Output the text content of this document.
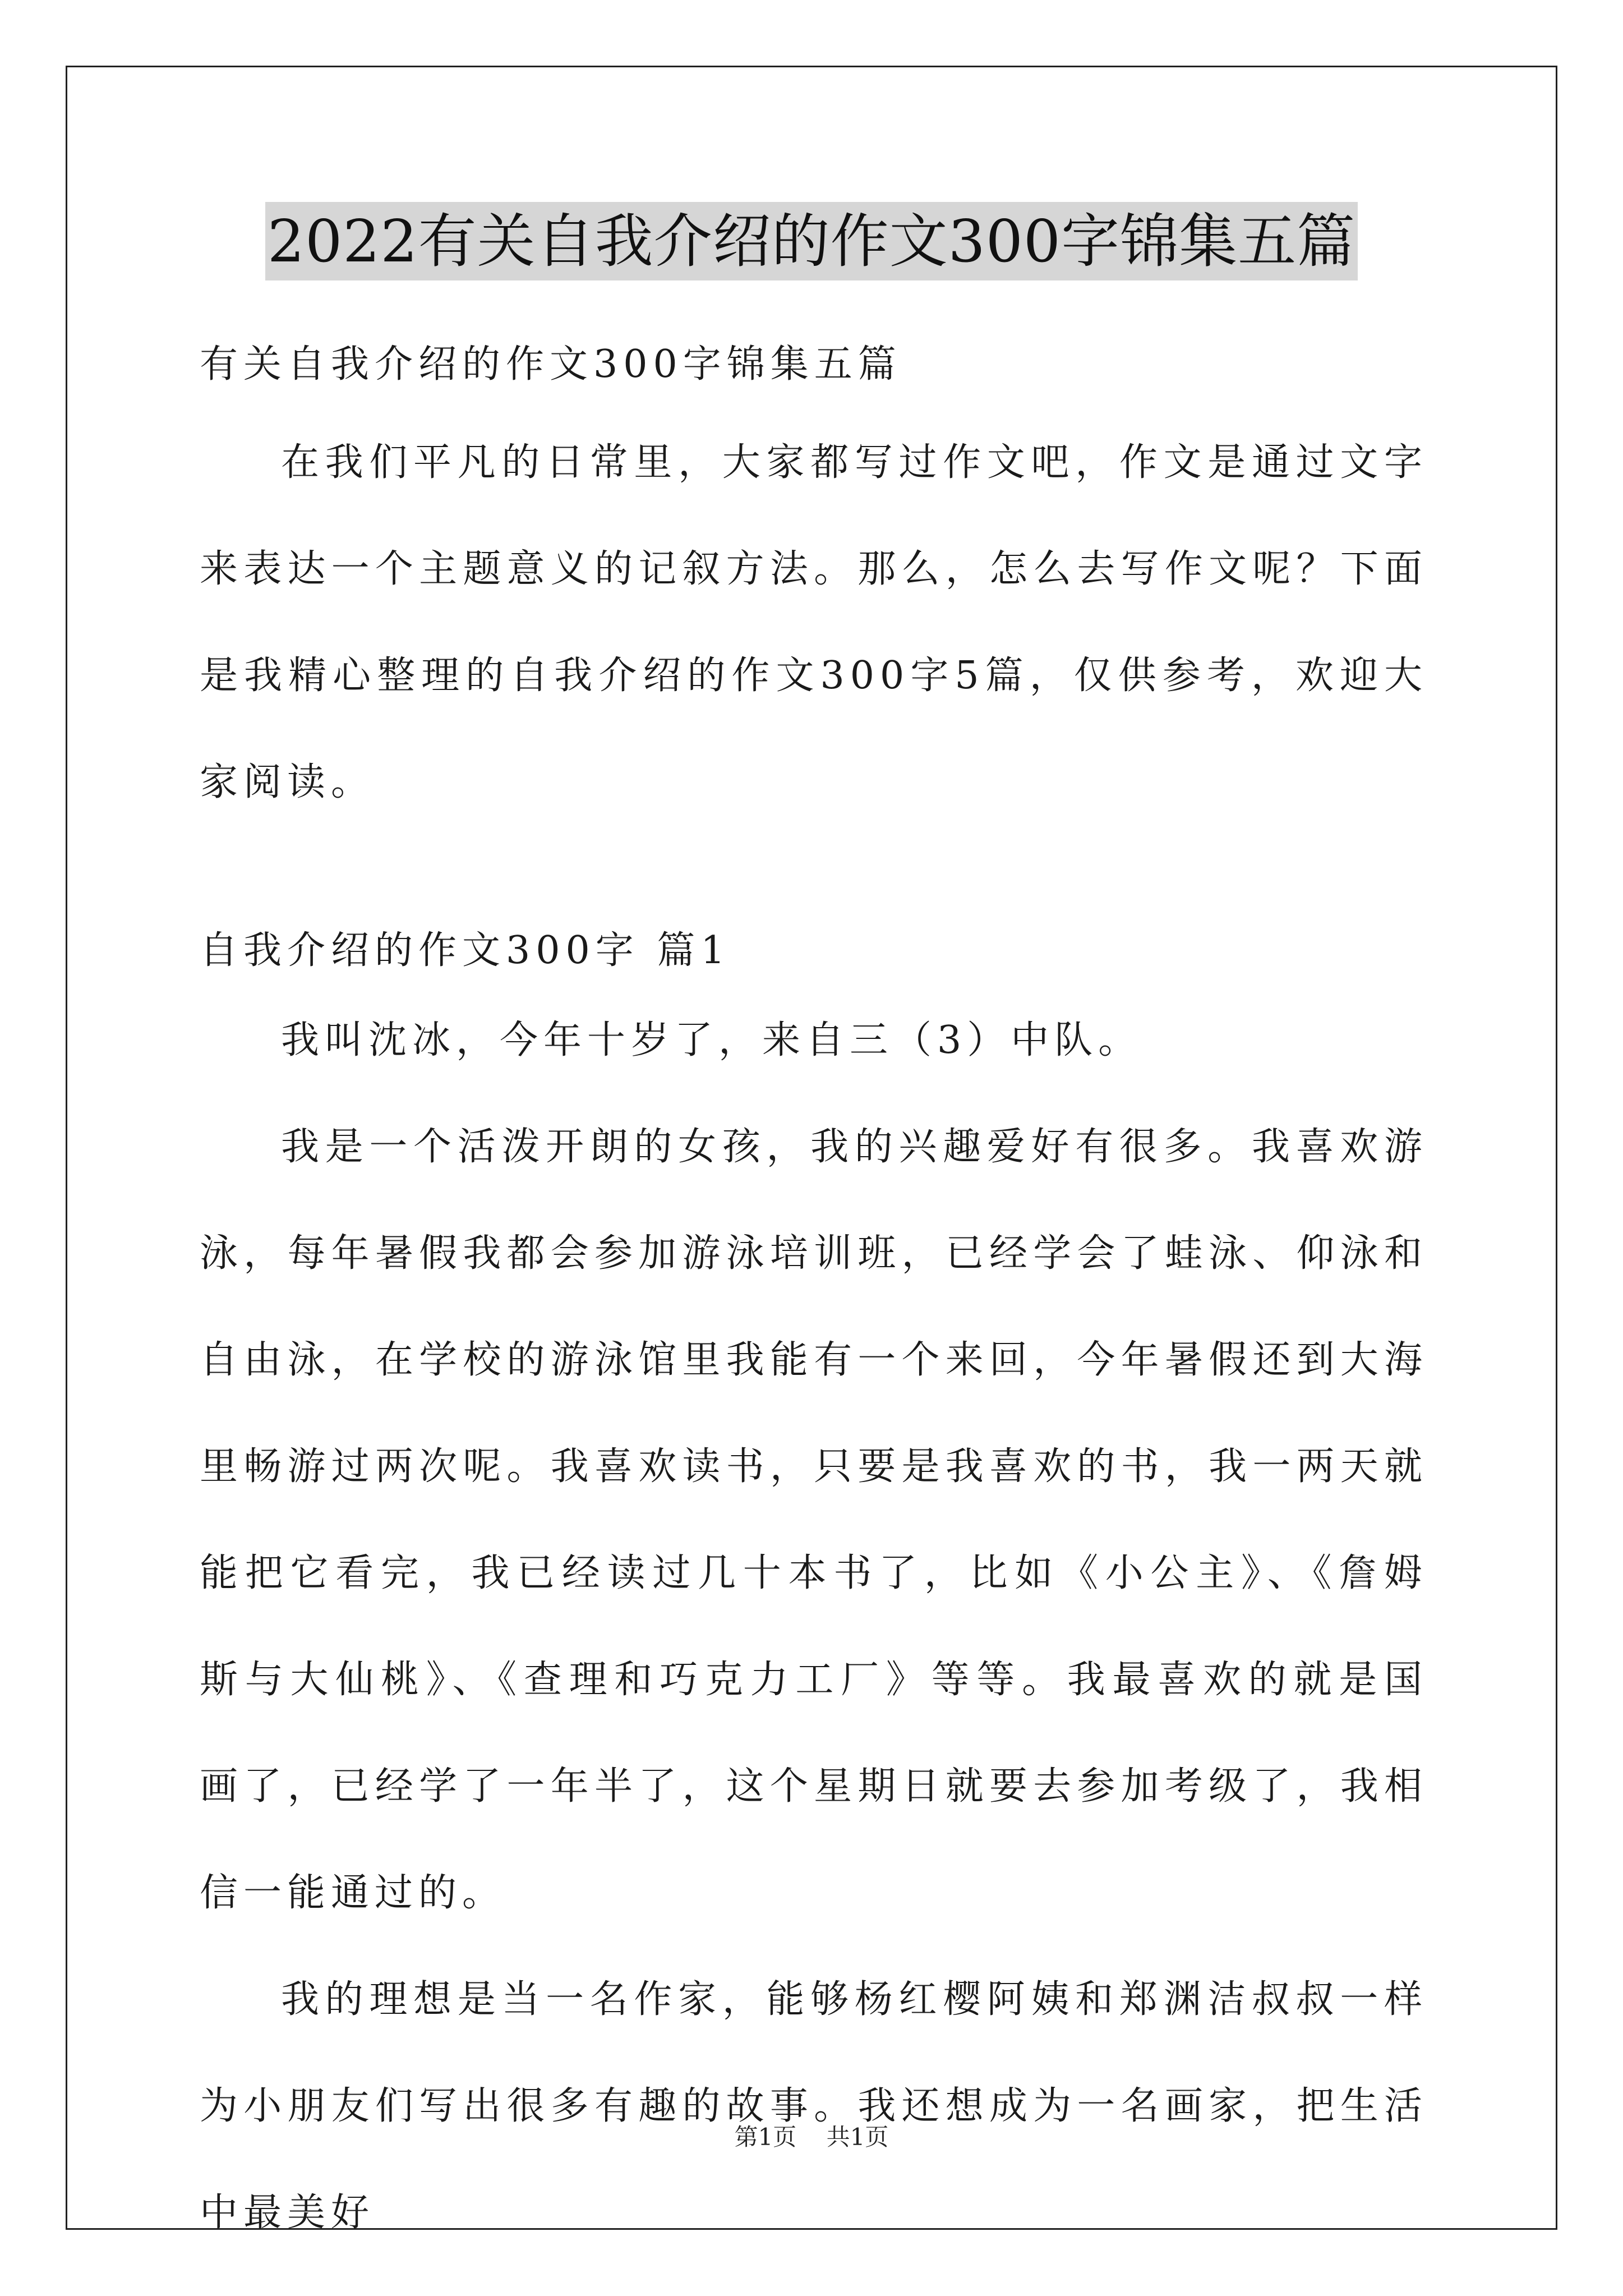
2022有关自我介绍的作文300字锦集五篇
有关自我介绍的作文300字锦集五篇

在我们平凡的日常里，大家都写过作文吧，作文是通过文字来表达一个主题意义的记叙方法。那么，怎么去写作文呢？下面是我精心整理的自我介绍的作文300字5篇，仅供参考，欢迎大家阅读。

自我介绍的作文300字 篇1

我叫沈冰，今年十岁了，来自三（3）中队。

我是一个活泼开朗的女孩，我的兴趣爱好有很多。我喜欢游泳，每年暑假我都会参加游泳培训班，已经学会了蛙泳、仰泳和自由泳，在学校的游泳馆里我能有一个来回，今年暑假还到大海里畅游过两次呢。我喜欢读书，只要是我喜欢的书，我一两天就能把它看完，我已经读过几十本书了，比如《小公主》、《詹姆斯与大仙桃》、《查理和巧克力工厂》等等。我最喜欢的就是国画了，已经学了一年半了，这个星期日就要去参加考级了，我相信一能通过的。

我的理想是当一名作家，能够杨红樱阿姨和郑渊洁叔叔一样为小朋友们写出很多有趣的故事。我还想成为一名画家，把生活中最美好

第1页 共1页
